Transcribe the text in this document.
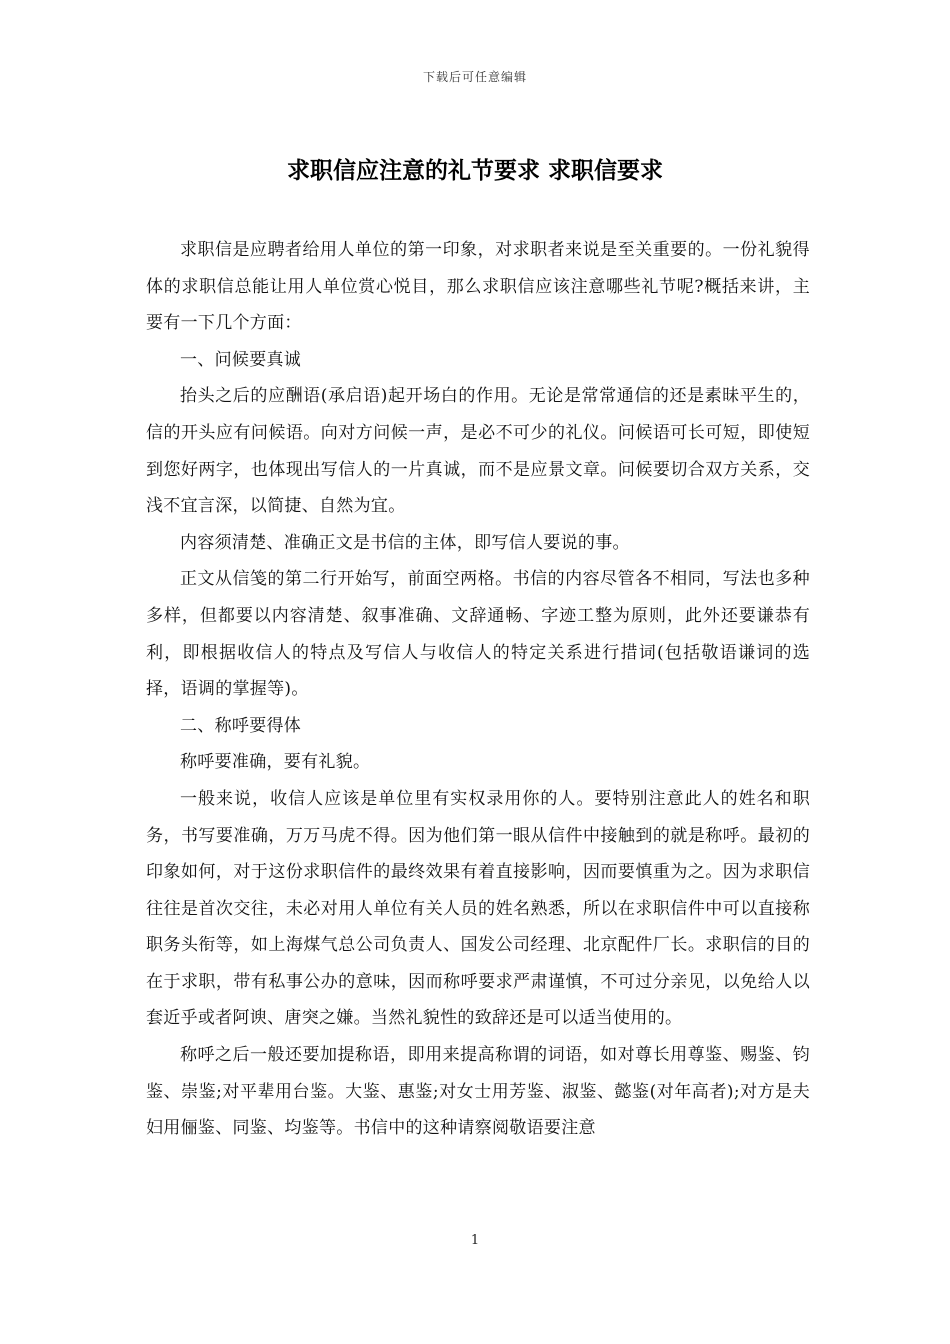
下载后可任意编辑
求职信应注意的礼节要求 求职信要求

求职信是应聘者给用人单位的第一印象，对求职者来说是至关重要的。一份礼貌得体的求职信总能让用人单位赏心悦目，那么求职信应该注意哪些礼节呢?概括来讲，主要有一下几个方面：

一、问候要真诚

抬头之后的应酬语(承启语)起开场白的作用。无论是常常通信的还是素昧平生的，信的开头应有问候语。向对方问候一声，是必不可少的礼仪。问候语可长可短，即使短到您好两字，也体现出写信人的一片真诚，而不是应景文章。问候要切合双方关系，交浅不宜言深，以简捷、自然为宜。

内容须清楚、准确正文是书信的主体，即写信人要说的事。

正文从信笺的第二行开始写，前面空两格。书信的内容尽管各不相同，写法也多种多样，但都要以内容清楚、叙事准确、文辞通畅、字迹工整为原则，此外还要谦恭有利，即根据收信人的特点及写信人与收信人的特定关系进行措词(包括敬语谦词的选择，语调的掌握等)。

二、称呼要得体

称呼要准确，要有礼貌。

一般来说，收信人应该是单位里有实权录用你的人。要特别注意此人的姓名和职务，书写要准确，万万马虎不得。因为他们第一眼从信件中接触到的就是称呼。最初的印象如何，对于这份求职信件的最终效果有着直接影响，因而要慎重为之。因为求职信往往是首次交往，未必对用人单位有关人员的姓名熟悉，所以在求职信件中可以直接称职务头衔等，如上海煤气总公司负责人、国发公司经理、北京配件厂长。求职信的目的在于求职，带有私事公办的意味，因而称呼要求严肃谨慎，不可过分亲见，以免给人以套近乎或者阿谀、唐突之嫌。当然礼貌性的致辞还是可以适当使用的。

称呼之后一般还要加提称语，即用来提高称谓的词语，如对尊长用尊鉴、赐鉴、钧鉴、崇鉴;对平辈用台鉴。大鉴、惠鉴;对女士用芳鉴、淑鉴、懿鉴(对年高者);对方是夫妇用俪鉴、同鉴、均鉴等。书信中的这种请察阅敬语要注意

1
